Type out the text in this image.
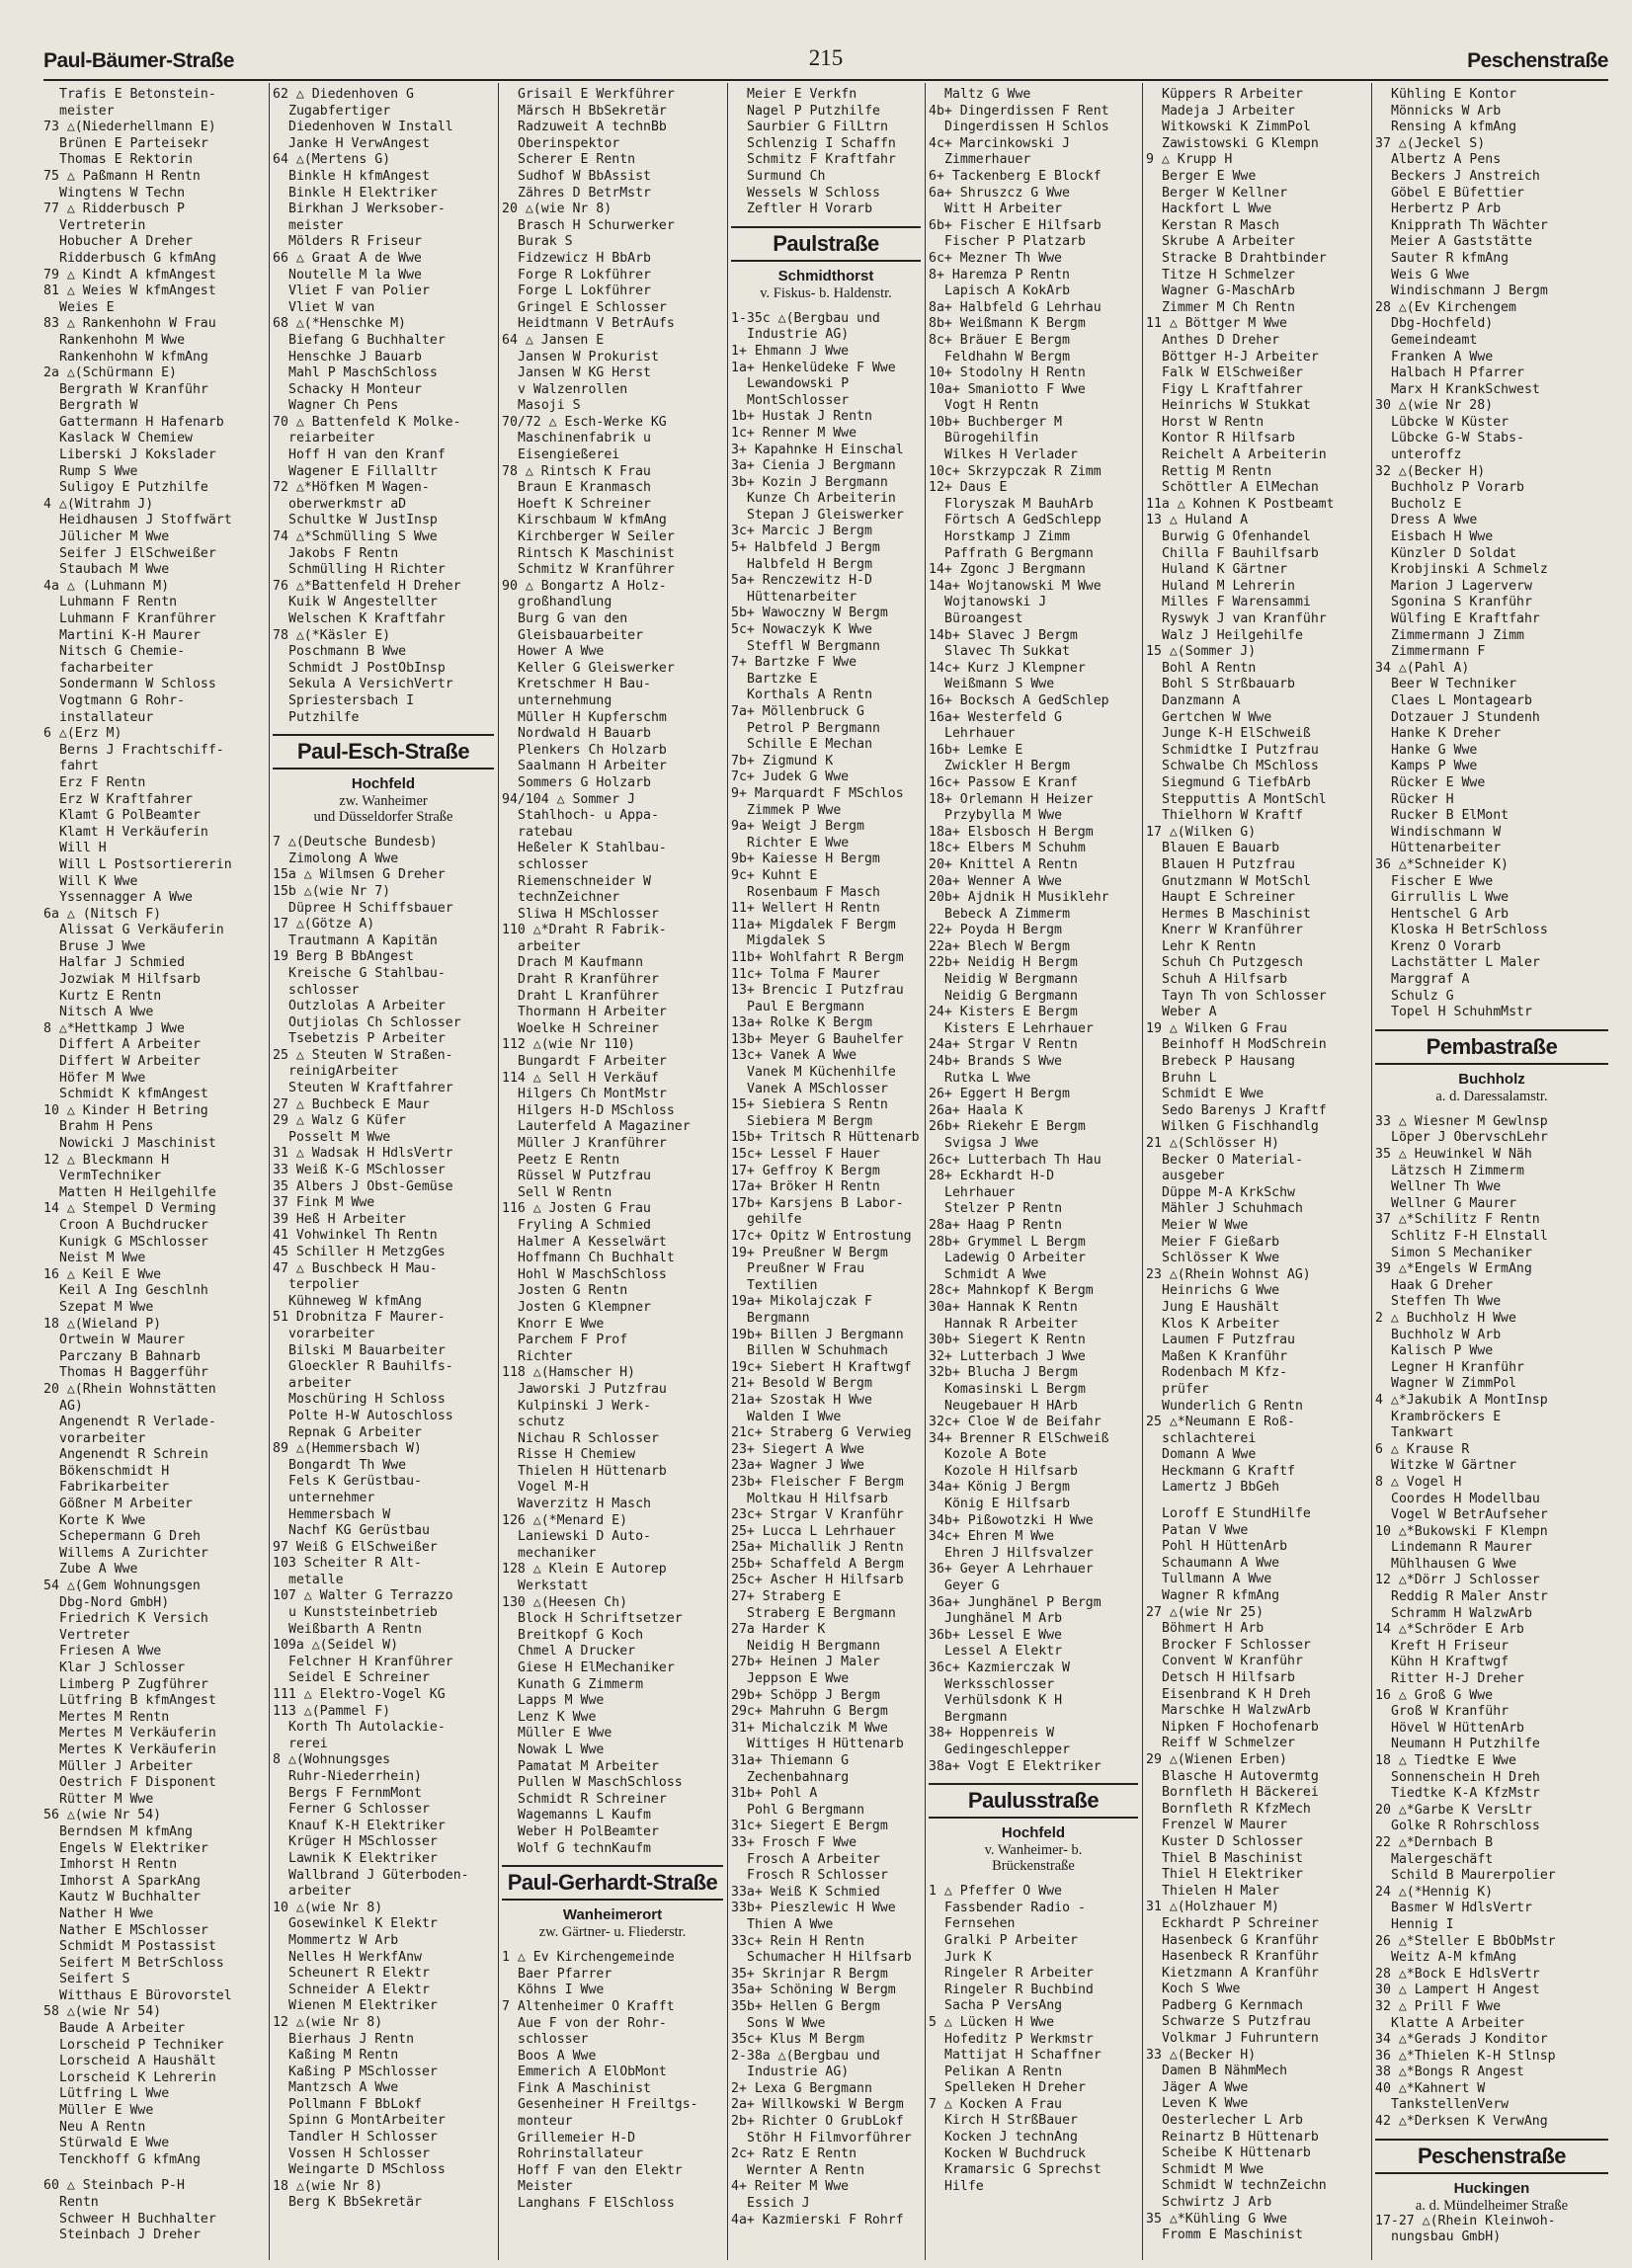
Paul-Bäumer-Straße	215	Peschenstraße
Trafis E Betonstein-
meister
73 △(Niederhellmann E)
Brünen E Parteisekr
Thomas E Rektorin
75 △ Paßmann H Rentn
Wingtens W Techn
77 △ Ridderbusch P
Vertreterin
Hobucher A Dreher
Ridderbusch G kfmAng
79 △ Kindt A kfmAngest
81 △ Weies W kfmAngest
Weies E
83 △ Rankenhohn W Frau
Rankenhohn M Wwe
Rankenhohn W kfmAng
2a △(Schürmann E)
Bergrath W Kranführ
Bergrath W
Gattermann H Hafenarb
Kaslack W Chemiew
Liberski J Kokslader
Rump S Wwe
Suligoy E Putzhilfe
4 △(Witrahm J)
Heidhausen J Stoffwärt
Jülicher M Wwe
Seifer J ElSchweißer
Staubach M Wwe
4a △ (Luhmann M)
Luhmann F Rentn
Luhmann F Kranführer
Martini K-H Maurer
Nitsch G Chemie-
facharbeiter
Sondermann W Schloss
Vogtmann G Rohr-
installateur
6 △(Erz M)
Berns J Frachtschiff-
fahrt
Erz F Rentn
Erz W Kraftfahrer
Klamt G PolBeamter
Klamt H Verkäuferin
Will H
Will L Postsortiererin
Will K Wwe
Yssennagger A Wwe
6a △ (Nitsch F)
Alissat G Verkäuferin
Bruse J Wwe
Halfar J Schmied
Jozwiak M Hilfsarb
Kurtz E Rentn
Nitsch A Wwe
8 △*Hettkamp J Wwe
Differt A Arbeiter
Differt W Arbeiter
Höfer M Wwe
Schmidt K kfmAngest
10 △ Kinder H Betring
Brahm H Pens
Nowicki J Maschinist
12 △ Bleckmann H
VermTechniker
Matten H Heilgehilfe
14 △ Stempel D Verming
Croon A Buchdrucker
Kunigk G MSchlosser
Neist M Wwe
16 △ Keil E Wwe
Keil A Ing Geschlnh
Szepat M Wwe
18 △(Wieland P)
Ortwein W Maurer
Parczany B Bahnarb
Thomas H Baggerführ
20 △(Rhein Wohnstätten
AG)
Angenendt R Verlade-
vorarbeiter
Angenendt R Schrein
Bökenschmidt H
Fabrikarbeiter
Gößner M Arbeiter
Korte K Wwe
Schepermann G Dreh
Willems A Zurichter
Zube A Wwe
54 △(Gem Wohnungsgen
Dbg-Nord GmbH)
Friedrich K Versich
Vertreter
Friesen A Wwe
Klar J Schlosser
Limberg P Zugführer
Lütfring B kfmAngest
Mertes M Rentn
Mertes M Verkäuferin
Mertes K Verkäuferin
Müller J Arbeiter
Oestrich F Disponent
Rütter M Wwe
56 △(wie Nr 54)
Berndsen M kfmAng
Engels W Elektriker
Imhorst H Rentn
Imhorst A SparkAng
Kautz W Buchhalter
Nather H Wwe
Nather E MSchlosser
Schmidt M Postassist
Seifert M BetrSchloss
Seifert S
Witthaus E Bürovorstel
58 △(wie Nr 54)
Baude A Arbeiter
Lorscheid P Techniker
Lorscheid A Haushält
Lorscheid K Lehrerin
Lütfring L Wwe
Müller E Wwe
Neu A Rentn
Stürwald E Wwe
Tenckhoff G kfmAng
60 △ Steinbach P-H
Rentn
Schweer H Buchhalter
Steinbach J Dreher
62 △ Diedenhoven G
Zugabfertiger
Diedenhoven W Install
Janke H VerwAngest
64 △(Mertens G)
Binkle H kfmAngest
Binkle H Elektriker
Birkhan J Werksober-
meister
Mölders R Friseur
66 △ Graat A de Wwe
Noutelle M la Wwe
Vliet F van Polier
Vliet W van
68 △(*Henschke M)
Biefang G Buchhalter
Henschke J Bauarb
Mahl P MaschSchloss
Schacky H Monteur
Wagner Ch Pens
70 △ Battenfeld K Molke-
reiarbeiter
Hoff H van den Kranf
Wagener E Fillalltr
72 △*Höfken M Wagen-
oberwerkmstr aD
Schultke W JustInsp
74 △*Schmülling S Wwe
Jakobs F Rentn
Schmülling H Richter
76 △*Battenfeld H Dreher
Kuik W Angestellter
Welschen K Kraftfahr
78 △(*Käsler E)
Poschmann B Wwe
Schmidt J PostObInsp
Sekula A VersichVertr
Spriestersbach I
Putzhilfe
Paul-Esch-Straße
Hochfeld
zw. Wanheimer
und Düsseldorfer Straße
7 △(Deutsche Bundesb)
Zimolong A Wwe
15a △ Wilmsen G Dreher
15b △(wie Nr 7)
Düpree H Schiffsbauer
17 △(Götze A)
Trautmann A Kapitän
19 Berg B BbAngest
Kreische G Stahlbau-
schlosser
Outzlolas A Arbeiter
Outjiolas Ch Schlosser
Tsebetzis P Arbeiter
25 △ Steuten W Straßen-
reinigArbeiter
Steuten W Kraftfahrer
27 △ Buchbeck E Maur
29 △ Walz G Küfer
Posselt M Wwe
31 △ Wadsak H HdlsVertr
33 Weiß K-G MSchlosser
35 Albers J Obst-Gemüse
37 Fink M Wwe
39 Heß H Arbeiter
41 Vohwinkel Th Rentn
45 Schiller H MetzgGes
47 △ Buschbeck H Mau-
terpolier
Kühneweg W kfmAng
51 Drobnitza F Maurer-
vorarbeiter
Bilski M Bauarbeiter
Gloeckler R Bauhilfs-
arbeiter
Moschüring H Schloss
Polte H-W Autoschloss
Repnak G Arbeiter
89 △(Hemmersbach W)
Bongardt Th Wwe
Fels K Gerüstbau-
unternehmer
Hemmersbach W
Nachf KG Gerüstbau
97 Weiß G ElSchweißer
103 Scheiter R Alt-
metalle
107 △ Walter G Terrazzo
u Kunststeinbetrieb
Weißbarth A Rentn
109a △(Seidel W)
Felchner H Kranführer
Seidel E Schreiner
111 △ Elektro-Vogel KG
113 △(Pammel F)
Korth Th Autolackie-
rerei
8 △(Wohnungsges
Ruhr-Niederrhein)
Bergs F FernmMont
Ferner G Schlosser
Knauf K-H Elektriker
Krüger H MSchlosser
Lawnik K Elektriker
Wallbrand J Güterboden-
arbeiter
10 △(wie Nr 8)
Gosewinkel K Elektr
Mommertz W Arb
Nelles H WerkfAnw
Scheunert R Elektr
Schneider A Elektr
Wienen M Elektriker
12 △(wie Nr 8)
Bierhaus J Rentn
Kaßing M Rentn
Kaßing P MSchlosser
Mantzsch A Wwe
Pollmann F BbLokf
Spinn G MontArbeiter
Tandler H Schlosser
Vossen H Schlosser
Weingarte D MSchloss
18 △(wie Nr 8)
Berg K BbSekretär
Grisail E Werkführer
Märsch H BbSekretär
Radzuweit A technBb
Oberinspektor
Scherer E Rentn
Sudhof W BbAssist
Zähres D BetrMstr
20 △(wie Nr 8)
Brasch H Schurwerker
Burak S
Fidzewicz H BbArb
Forge R Lokführer
Forge L Lokführer
Gringel E Schlosser
Heidtmann V BetrAufs
64 △ Jansen E
Jansen W Prokurist
Jansen W KG Herst
v Walzenrollen
Masoji S
70/72 △ Esch-Werke KG
Maschinenfabrik u
Eisengießerei
78 △ Rintsch K Frau
Braun E Kranmasch
Hoeft K Schreiner
Kirschbaum W kfmAng
Kirchberger W Seiler
Rintsch K Maschinist
Schmitz W Kranführer
90 △ Bongartz A Holz-
großhandlung
Burg G van den
Gleisbauarbeiter
Hower A Wwe
Keller G Gleiswerker
Kretschmer H Bau-
unternehmung
Müller H Kupferschm
Nordwald H Bauarb
Plenkers Ch Holzarb
Saalmann H Arbeiter
Sommers G Holzarb
94/104 △ Sommer J
Stahlhoch- u Appa-
ratebau
Heßeler K Stahlbau-
schlosser
Riemenschneider W
technZeichner
Sliwa H MSchlosser
110 △*Draht R Fabrik-
arbeiter
Drach M Kaufmann
Draht R Kranführer
Draht L Kranführer
Thormann H Arbeiter
Woelke H Schreiner
112 △(wie Nr 110)
Bungardt F Arbeiter
114 △ Sell H Verkäuf
Hilgers Ch MontMstr
Hilgers H-D MSchloss
Lauterfeld A Magaziner
Müller J Kranführer
Peetz E Rentn
Rüssel W Putzfrau
Sell W Rentn
116 △ Josten G Frau
Fryling A Schmied
Halmer A Kesselwärt
Hoffmann Ch Buchhalt
Hohl W MaschSchloss
Josten G Rentn
Josten G Klempner
Knorr E Wwe
Parchem F Prof
Richter
118 △(Hamscher H)
Jaworski J Putzfrau
Kulpinski J Werk-
schutz
Nichau R Schlosser
Risse H Chemiew
Thielen H Hüttenarb
Vogel M-H
Waverzitz H Masch
126 △(*Menard E)
Laniewski D Auto-
mechaniker
128 △ Klein E Autorep
Werkstatt
130 △(Heesen Ch)
Block H Schriftsetzer
Breitkopf G Koch
Chmel A Drucker
Giese H ElMechaniker
Kunath G Zimmerm
Lapps M Wwe
Lenz K Wwe
Müller E Wwe
Nowak L Wwe
Pamatat M Arbeiter
Pullen W MaschSchloss
Schmidt R Schreiner
Wagemanns L Kaufm
Weber H PolBeamter
Wolf G technKaufm
Paul-Gerhardt-Straße
Wanheimerort
zw. Gärtner- u. Fliederstr.
1 △ Ev Kirchengemeinde
Baer Pfarrer
Köhns I Wwe
7 Altenheimer O Krafft
Aue F von der Rohr-
schlosser
Boos A Wwe
Emmerich A ElObMont
Fink A Maschinist
Gesenheiner H Freiltgs-
monteur
Grillemeier H-D
Rohrinstallateur
Hoff F van den Elektr
Meister
Langhans F ElSchloss
Meier E Verkfn
Nagel P Putzhilfe
Saurbier G FilLtrn
Schlenzig I Schaffn
Schmitz F Kraftfahr
Surmund Ch
Wessels W Schloss
Zeftler H Vorarb
Paulstraße
Schmidthorst
v. Fiskus- b. Haldenstr.
1-35c △(Bergbau und
Industrie AG)
1+ Ehmann J Wwe
1a+ Henkelüdeke F Wwe
Lewandowski P
MontSchlosser
1b+ Hustak J Rentn
1c+ Renner M Wwe
3+ Kapahnke H Einschal
3a+ Cienia J Bergmann
3b+ Kozin J Bergmann
Kunze Ch Arbeiterin
Stepan J Gleiswerker
3c+ Marcic J Bergm
5+ Halbfeld J Bergm
Halbfeld H Bergm
5a+ Renczewitz H-D
Hüttenarbeiter
5b+ Wawoczny W Bergm
5c+ Nowaczyk K Wwe
Steffl W Bergmann
7+ Bartzke F Wwe
Bartzke E
Korthals A Rentn
7a+ Möllenbruck G
Petrol P Bergmann
Schille E Mechan
7b+ Zigmund K
7c+ Judek G Wwe
9+ Marquardt F MSchlos
Zimmek P Wwe
9a+ Weigt J Bergm
Richter E Wwe
9b+ Kaiesse H Bergm
9c+ Kuhnt E
Rosenbaum F Masch
11+ Wellert H Rentn
11a+ Migdalek F Bergm
Migdalek S
11b+ Wohlfahrt R Bergm
11c+ Tolma F Maurer
13+ Brencic I Putzfrau
Paul E Bergmann
13a+ Rolke K Bergm
13b+ Meyer G Bauhelfer
13c+ Vanek A Wwe
Vanek M Küchenhilfe
Vanek A MSchlosser
15+ Siebiera S Rentn
Siebiera M Bergm
15b+ Tritsch R Hüttenarb
15c+ Lessel F Hauer
17+ Geffroy K Bergm
17a+ Bröker H Rentn
17b+ Karsjens B Labor-
gehilfe
17c+ Opitz W Entrostung
19+ Preußner W Bergm
Preußner W Frau
Textilien
19a+ Mikolajczak F
Bergmann
19b+ Billen J Bergmann
Billen W Schuhmach
19c+ Siebert H Kraftwgf
21+ Besold W Bergm
21a+ Szostak H Wwe
Walden I Wwe
21c+ Straberg G Verwieg
23+ Siegert A Wwe
23a+ Wagner J Wwe
23b+ Fleischer F Bergm
Moltkau H Hilfsarb
23c+ Strgar V Kranführ
25+ Lucca L Lehrhauer
25a+ Michallik J Rentn
25b+ Schaffeld A Bergm
25c+ Ascher H Hilfsarb
27+ Straberg E
Straberg E Bergmann
27a Harder K
Neidig H Bergmann
27b+ Heinen J Maler
Jeppson E Wwe
29b+ Schöpp J Bergm
29c+ Mahruhn G Bergm
31+ Michalczik M Wwe
Wittiges H Hüttenarb
31a+ Thiemann G
Zechenbahnarg
31b+ Pohl A
Pohl G Bergmann
31c+ Siegert E Bergm
33+ Frosch F Wwe
Frosch A Arbeiter
Frosch R Schlosser
33a+ Weiß K Schmied
33b+ Pieszlewic H Wwe
Thien A Wwe
33c+ Rein H Rentn
Schumacher H Hilfsarb
35+ Skrinjar R Bergm
35a+ Schöning W Bergm
35b+ Hellen G Bergm
Sons W Wwe
35c+ Klus M Bergm
2-38a △(Bergbau und
Industrie AG)
2+ Lexa G Bergmann
2a+ Willkowski W Bergm
2b+ Richter O GrubLokf
Stöhr H Filmvorführer
2c+ Ratz E Rentn
Wernter A Rentn
4+ Reiter M Wwe
Essich J
4a+ Kazmierski F Rohrf
Maltz G Wwe
4b+ Dingerdissen F Rent
Dingerdissen H Schlos
4c+ Marcinkowski J
Zimmerhauer
6+ Tackenberg E Blockf
6a+ Shruszcz G Wwe
Witt H Arbeiter
6b+ Fischer E Hilfsarb
Fischer P Platzarb
6c+ Mezner Th Wwe
8+ Haremza P Rentn
Lapisch A KokArb
8a+ Halbfeld G Lehrhau
8b+ Weißmann K Bergm
8c+ Bräuer E Bergm
Feldhahn W Bergm
10+ Stodolny H Rentn
10a+ Smaniotto F Wwe
Vogt H Rentn
10b+ Buchberger M
Bürogehilfin
Wilkes H Verlader
10c+ Skrzypczak R Zimm
12+ Daus E
Floryszak M BauhArb
Förtsch A GedSchlepp
Horstkamp J Zimm
Paffrath G Bergmann
14+ Zgonc J Bergmann
14a+ Wojtanowski M Wwe
Wojtanowski J
Büroangest
14b+ Slavec J Bergm
Slavec Th Sukkat
14c+ Kurz J Klempner
Weißmann S Wwe
16+ Bocksch A GedSchlep
16a+ Westerfeld G
Lehrhauer
16b+ Lemke E
Zwickler H Bergm
16c+ Passow E Kranf
18+ Orlemann H Heizer
Przybylla M Wwe
18a+ Elsbosch H Bergm
18c+ Elbers M Schuhm
20+ Knittel A Rentn
20a+ Wenner A Wwe
20b+ Ajdnik H Musiklehr
Bebeck A Zimmerm
22+ Poyda H Bergm
22a+ Blech W Bergm
22b+ Neidig H Bergm
Neidig W Bergmann
Neidig G Bergmann
24+ Kisters E Bergm
Kisters E Lehrhauer
24a+ Strgar V Rentn
24b+ Brands S Wwe
Rutka L Wwe
26+ Eggert H Bergm
26a+ Haala K
26b+ Riekehr E Bergm
Svigsa J Wwe
26c+ Lutterbach Th Hau
28+ Eckhardt H-D
Lehrhauer
Stelzer P Rentn
28a+ Haag P Rentn
28b+ Grymmel L Bergm
Ladewig O Arbeiter
Schmidt A Wwe
28c+ Mahnkopf K Bergm
30a+ Hannak K Rentn
Hannak R Arbeiter
30b+ Siegert K Rentn
32+ Lutterbach J Wwe
32b+ Blucha J Bergm
Komasinski L Bergm
Neugebauer H HArb
32c+ Cloe W de Beifahr
34+ Brenner R ElSchweiß
Kozole A Bote
Kozole H Hilfsarb
34a+ König J Bergm
König E Hilfsarb
34b+ Pißowotzki H Wwe
34c+ Ehren M Wwe
Ehren J Hilfsvalzer
36+ Geyer A Lehrhauer
Geyer G
36a+ Junghänel P Bergm
Junghänel M Arb
36b+ Lessel E Wwe
Lessel A Elektr
36c+ Kazmierczak W
Werksschlosser
Verhülsdonk K H
Bergmann
38+ Hoppenreis W
Gedingeschlepper
38a+ Vogt E Elektriker
Paulusstraße
Hochfeld
v. Wanheimer- b.
Brückenstraße
1 △ Pfeffer O Wwe
Fassbender Radio -
Fernsehen
Gralki P Arbeiter
Jurk K
Ringeler R Arbeiter
Ringeler R Buchbind
Sacha P VersAng
5 △ Lücken H Wwe
Hofeditz P Werkmstr
Mattijat H Schaffner
Pelikan A Rentn
Spelleken H Dreher
7 △ Kocken A Frau
Kirch H StrßBauer
Kocken J technAng
Kocken W Buchdruck
Kramarsic G Sprechst
Hilfe
Küppers R Arbeiter
Madeja J Arbeiter
Witkowski K ZimmPol
Zawistowski G Klempn
9 △ Krupp H
Berger E Wwe
Berger W Kellner
Hackfort L Wwe
Kerstan R Masch
Skrube A Arbeiter
Stracke B Drahtbinder
Titze H Schmelzer
Wagner G-MaschArb
Zimmer M Ch Rentn
11 △ Böttger M Wwe
Anthes D Dreher
Böttger H-J Arbeiter
Falk W ElSchweißer
Figy L Kraftfahrer
Heinrichs W Stukkat
Horst W Rentn
Kontor R Hilfsarb
Reichelt A Arbeiterin
Rettig M Rentn
Schöttler A ElMechan
11a △ Kohnen K Postbeamt
13 △ Huland A
Burwig G Ofenhandel
Chilla F Bauhilfsarb
Huland K Gärtner
Huland M Lehrerin
Milles F Warensammi
Ryswyk J van Kranführ
Walz J Heilgehilfe
15 △(Sommer J)
Bohl A Rentn
Bohl S Strßbauarb
Danzmann A
Gertchen W Wwe
Junge K-H ElSchweiß
Schmidtke I Putzfrau
Schwalbe Ch MSchloss
Siegmund G TiefbArb
Stepputtis A MontSchl
Thielhorn W Kraftf
17 △(Wilken G)
Blauen E Bauarb
Blauen H Putzfrau
Gnutzmann W MotSchl
Haupt E Schreiner
Hermes B Maschinist
Knerr W Kranführer
Lehr K Rentn
Schuh Ch Putzgesch
Schuh A Hilfsarb
Tayn Th von Schlosser
Weber A
19 △ Wilken G Frau
Beinhoff H ModSchrein
Brebeck P Hausang
Bruhn L
Schmidt E Wwe
Sedo Barenys J Kraftf
Wilken G Fischhandlg
21 △(Schlösser H)
Becker O Material-
ausgeber
Düppe M-A KrkSchw
Mähler J Schuhmach
Meier W Wwe
Meier F Gießarb
Schlösser K Wwe
23 △(Rhein Wohnst AG)
Heinrichs G Wwe
Jung E Haushält
Klos K Arbeiter
Laumen F Putzfrau
Maßen K Kranführ
Rodenbach M Kfz-
prüfer
Wunderlich G Rentn
25 △*Neumann E Roß-
schlachterei
Domann A Wwe
Heckmann G Kraftf
Lamertz J BbGeh
Loroff E StundHilfe
Patan V Wwe
Pohl H HüttenArb
Schaumann A Wwe
Tullmann A Wwe
Wagner R kfmAng
27 △(wie Nr 25)
Böhmert H Arb
Brocker F Schlosser
Convent W Kranführ
Detsch H Hilfsarb
Eisenbrand K H Dreh
Marschke H WalzwArb
Nipken F Hochofenarb
Reiff W Schmelzer
29 △(Wienen Erben)
Blasche H Autovermtg
Bornfleth H Bäckerei
Bornfleth R KfzMech
Frenzel W Maurer
Kuster D Schlosser
Thiel B Maschinist
Thiel H Elektriker
Thielen H Maler
31 △(Holzhauer M)
Eckhardt P Schreiner
Hasenbeck G Kranführ
Hasenbeck R Kranführ
Kietzmann A Kranführ
Koch S Wwe
Padberg G Kernmach
Schwarze S Putzfrau
Volkmar J Fuhruntern
33 △(Becker H)
Damen B NähmMech
Jäger A Wwe
Leven K Wwe
Oesterlecher L Arb
Reinartz B Hüttenarb
Scheibe K Hüttenarb
Schmidt M Wwe
Schmidt W technZeichn
Schwirtz J Arb
35 △*Kühling G Wwe
Fromm E Maschinist
Kühling E Kontor
Mönnicks W Arb
Rensing A kfmAng
37 △(Jeckel S)
Albertz A Pens
Beckers J Anstreich
Göbel E Büfettier
Herbertz P Arb
Knipprath Th Wächter
Meier A Gaststätte
Sauter R kfmAng
Weis G Wwe
Windischmann J Bergm
28 △(Ev Kirchengem
Dbg-Hochfeld)
Gemeindeamt
Franken A Wwe
Halbach H Pfarrer
Marx H KrankSchwest
30 △(wie Nr 28)
Lübcke W Küster
Lübcke G-W Stabs-
unteroffz
32 △(Becker H)
Buchholz P Vorarb
Bucholz E
Dress A Wwe
Eisbach H Wwe
Künzler D Soldat
Krobjinski A Schmelz
Marion J Lagerverw
Sgonina S Kranführ
Wülfing E Kraftfahr
Zimmermann J Zimm
Zimmermann F
34 △(Pahl A)
Beer W Techniker
Claes L Montagearb
Dotzauer J Stundenh
Hanke K Dreher
Hanke G Wwe
Kamps P Wwe
Rücker E Wwe
Rücker H
Rucker B ElMont
Windischmann W
Hüttenarbeiter
36 △*Schneider K)
Fischer E Wwe
Girrullis L Wwe
Hentschel G Arb
Kloska H BetrSchloss
Krenz O Vorarb
Lachstätter L Maler
Marggraf A
Schulz G
Topel H SchuhmMstr
Pembastraße
Buchholz
a. d. Daressalamstr.
33 △ Wiesner M Gewlnsp
Löper J ObervschLehr
35 △ Heuwinkel W Näh
Lätzsch H Zimmerm
Wellner Th Wwe
Wellner G Maurer
37 △*Schilitz F Rentn
Schlitz F-H Elnstall
Simon S Mechaniker
39 △*Engels W ErmAng
Haak G Dreher
Steffen Th Wwe
2 △ Buchholz H Wwe
Buchholz W Arb
Kalisch P Wwe
Legner H Kranführ
Wagner W ZimmPol
4 △*Jakubik A MontInsp
Krambröckers E
Tankwart
6 △ Krause R
Witzke W Gärtner
8 △ Vogel H
Coordes H Modellbau
Vogel W BetrAufseher
10 △*Bukowski F Klempn
Lindemann R Maurer
Mühlhausen G Wwe
12 △*Dörr J Schlosser
Reddig R Maler Anstr
Schramm H WalzwArb
14 △*Schröder E Arb
Kreft H Friseur
Kühn H Kraftwgf
Ritter H-J Dreher
16 △ Groß G Wwe
Groß W Kranführ
Hövel W HüttenArb
Neumann H Putzhilfe
18 △ Tiedtke E Wwe
Sonnenschein H Dreh
Tiedtke K-A KfzMstr
20 △*Garbe K VersLtr
Golke R Rohrschloss
22 △*Dernbach B
Malergeschäft
Schild B Maurerpolier
24 △(*Hennig K)
Basmer W HdlsVertr
Hennig I
26 △*Steller E BbObMstr
Weitz A-M kfmAng
28 △*Bock E HdlsVertr
30 △ Lampert H Angest
32 △ Prill F Wwe
Klatte A Arbeiter
34 △*Gerads J Konditor
36 △*Thielen K-H Stlnsp
38 △*Bongs R Angest
40 △*Kahnert W
TankstellenVerw
42 △*Derksen K VerwAng
Peschenstraße
Huckingen
a. d. Mündelheimer Straße
17-27 △(Rhein Kleinwoh-
nungsbau GmbH)
